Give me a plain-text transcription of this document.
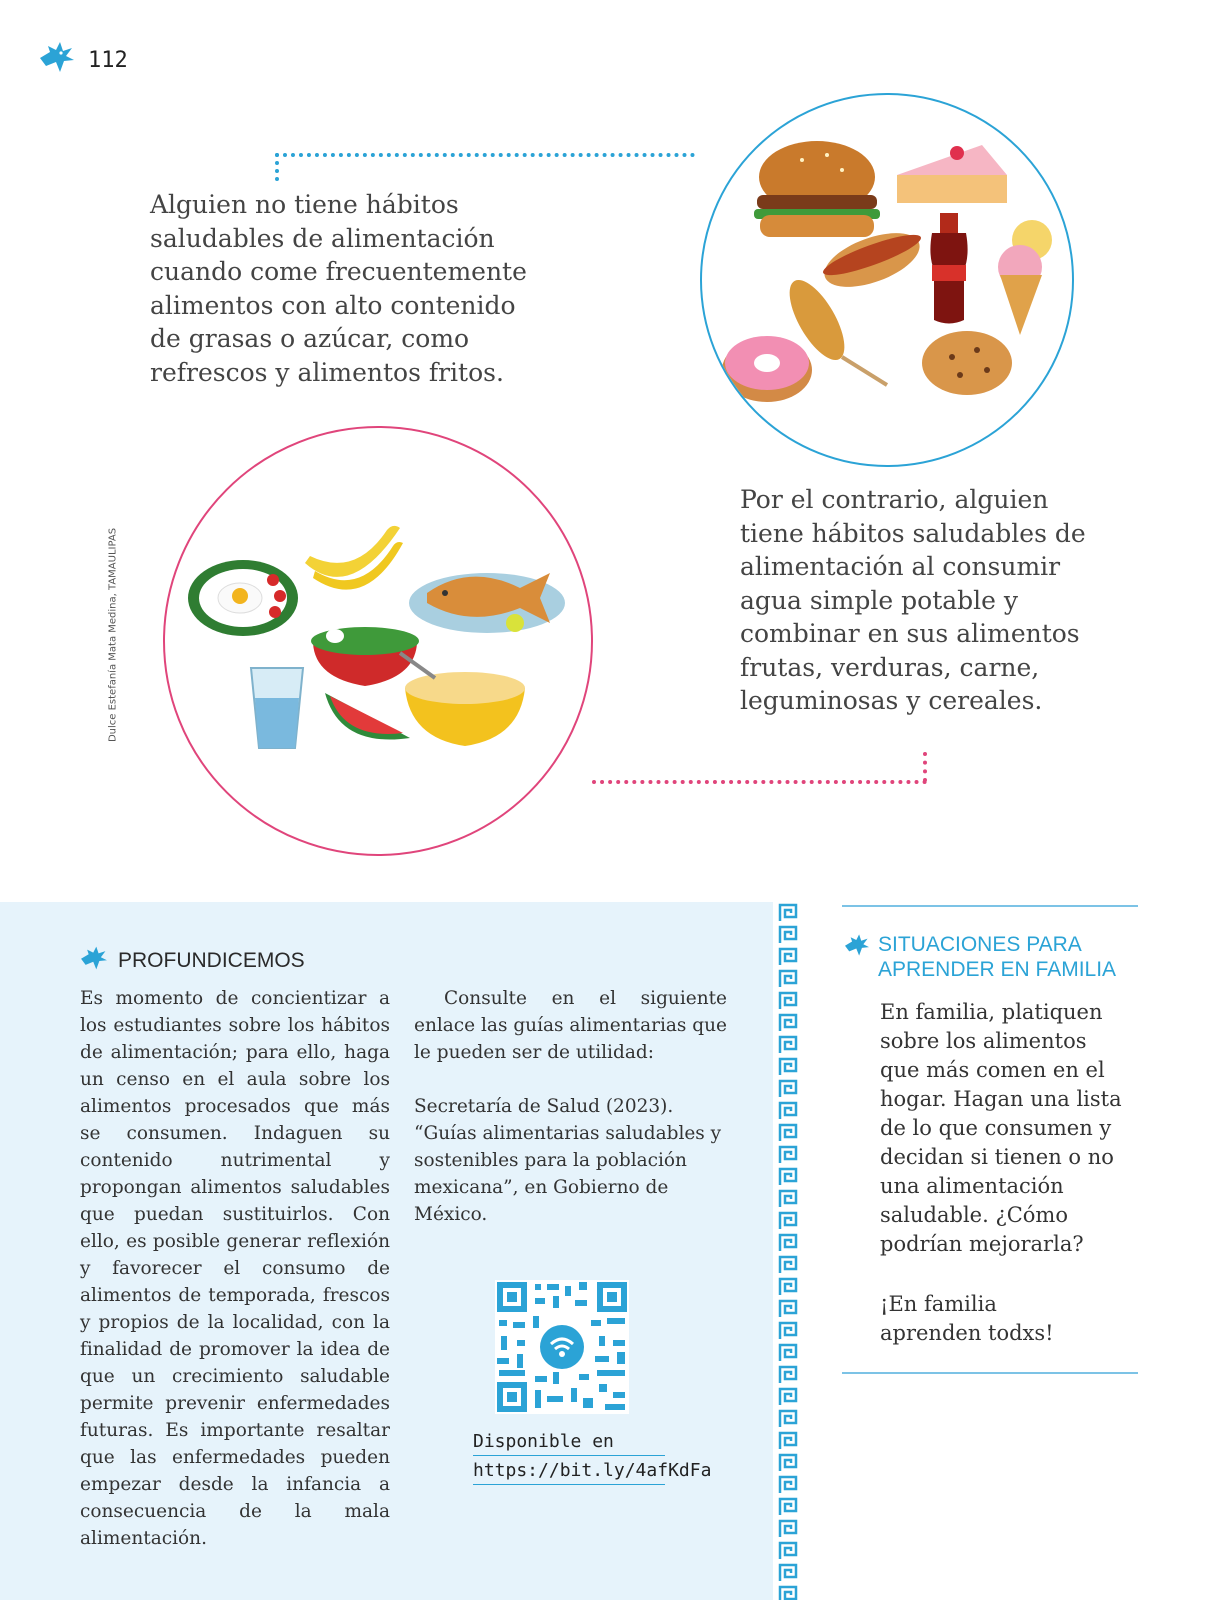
112
Alguien no tiene hábitos saludables de alimentación cuando come frecuentemente alimentos con alto contenido de grasas o azúcar, como refrescos y alimentos fritos.
Dulce Estefanía Mata Medina, TAMAULIPAS
Por el contrario, alguien tiene hábitos saludables de alimentación al consumir agua simple potable y combinar en sus alimentos frutas, verduras, carne, leguminosas y cereales.
PROFUNDICEMOS
Es momento de concientizar a los estudiantes sobre los hábitos de alimentación; para ello, haga un censo en el aula sobre los alimentos procesados que más se consumen. Indaguen su contenido nutrimental y propongan alimentos saludables que puedan sustituirlos. Con ello, es posible generar reflexión y favorecer el consumo de alimentos de temporada, frescos y propios de la localidad, con la finalidad de promover la idea de que un crecimiento saludable permite prevenir enfermedades futuras. Es importante resaltar que las enfermedades pueden empezar desde la infancia a consecuencia de la mala alimentación.
Consulte en el siguiente enlace las guías alimentarias que le pueden ser de utilidad:
Secretaría de Salud (2023). “Guías alimentarias saludables y sostenibles para la población mexicana”, en Gobierno de México.
Disponible en
https://bit.ly/4afKdFa
SITUACIONES PARA
APRENDER EN FAMILIA
En familia, platiquen sobre los alimentos que más comen en el hogar. Hagan una lista de lo que consumen y decidan si tienen o no una alimentación saludable. ¿Cómo podrían mejorarla?
¡En familia aprenden todxs!
